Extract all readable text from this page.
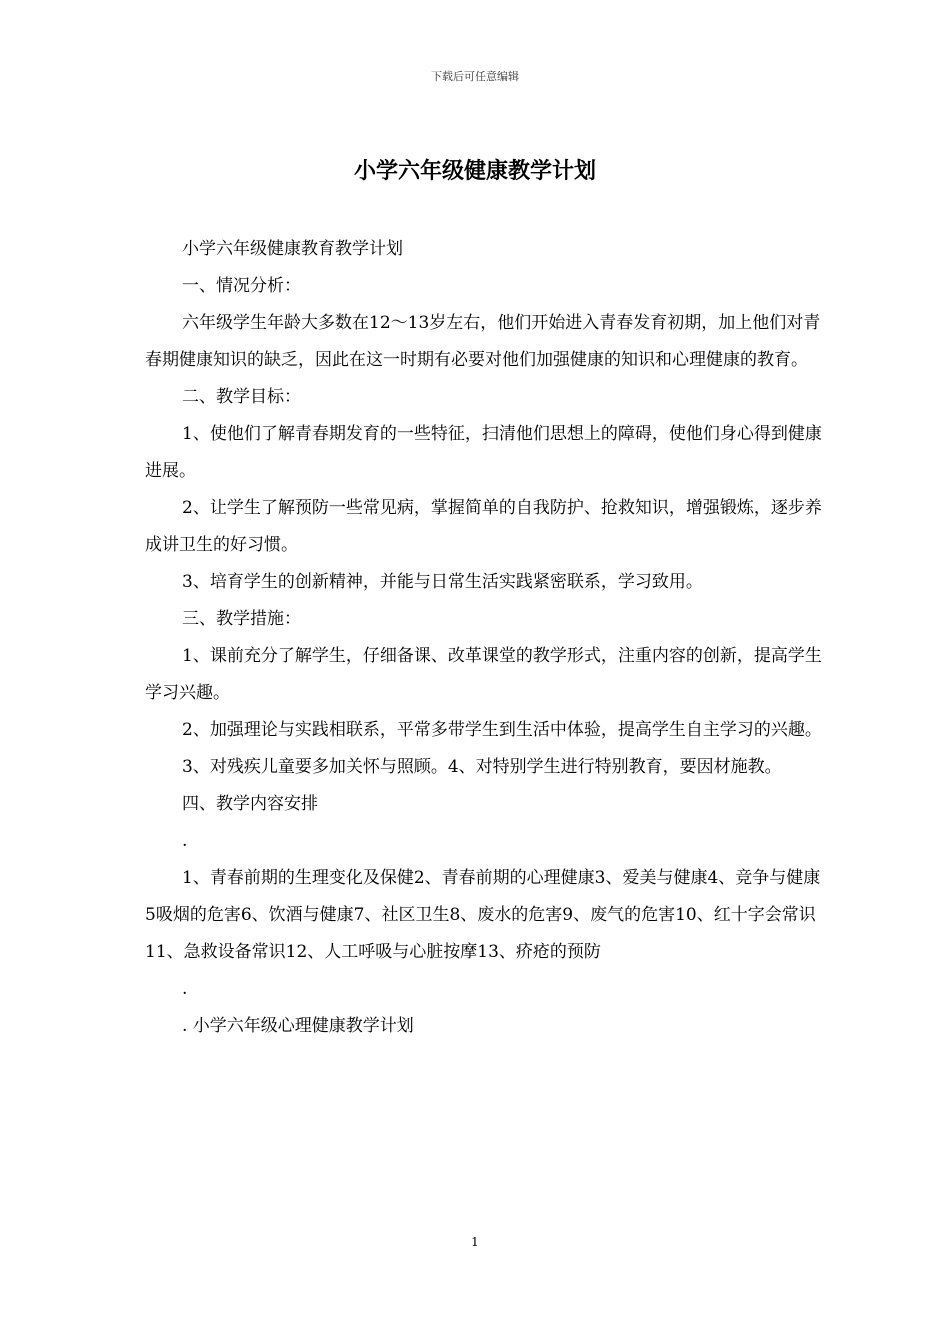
下载后可任意编辑
小学六年级健康教学计划

小学六年级健康教育教学计划

一、情况分析：

六年级学生年龄大多数在12～13岁左右，他们开始进入青春发育初期，加上他们对青春期健康知识的缺乏，因此在这一时期有必要对他们加强健康的知识和心理健康的教育。

二、教学目标：

1、使他们了解青春期发育的一些特征，扫清他们思想上的障碍，使他们身心得到健康进展。

2、让学生了解预防一些常见病，掌握简单的自我防护、抢救知识，增强锻炼，逐步养成讲卫生的好习惯。

3、培育学生的创新精神，并能与日常生活实践紧密联系，学习致用。

三、教学措施：

1、课前充分了解学生，仔细备课、改革课堂的教学形式，注重内容的创新，提高学生学习兴趣。

2、加强理论与实践相联系，平常多带学生到生活中体验，提高学生自主学习的兴趣。

3、对残疾儿童要多加关怀与照顾。4、对特别学生进行特别教育，要因材施教。

四、教学内容安排

.

1、青春前期的生理变化及保健2、青春前期的心理健康3、爱美与健康4、竞争与健康5吸烟的危害6、饮酒与健康7、社区卫生8、废水的危害9、废气的危害10、红十字会常识11、急救设备常识12、人工呼吸与心脏按摩13、疥疮的预防

.

. 小学六年级心理健康教学计划

1
